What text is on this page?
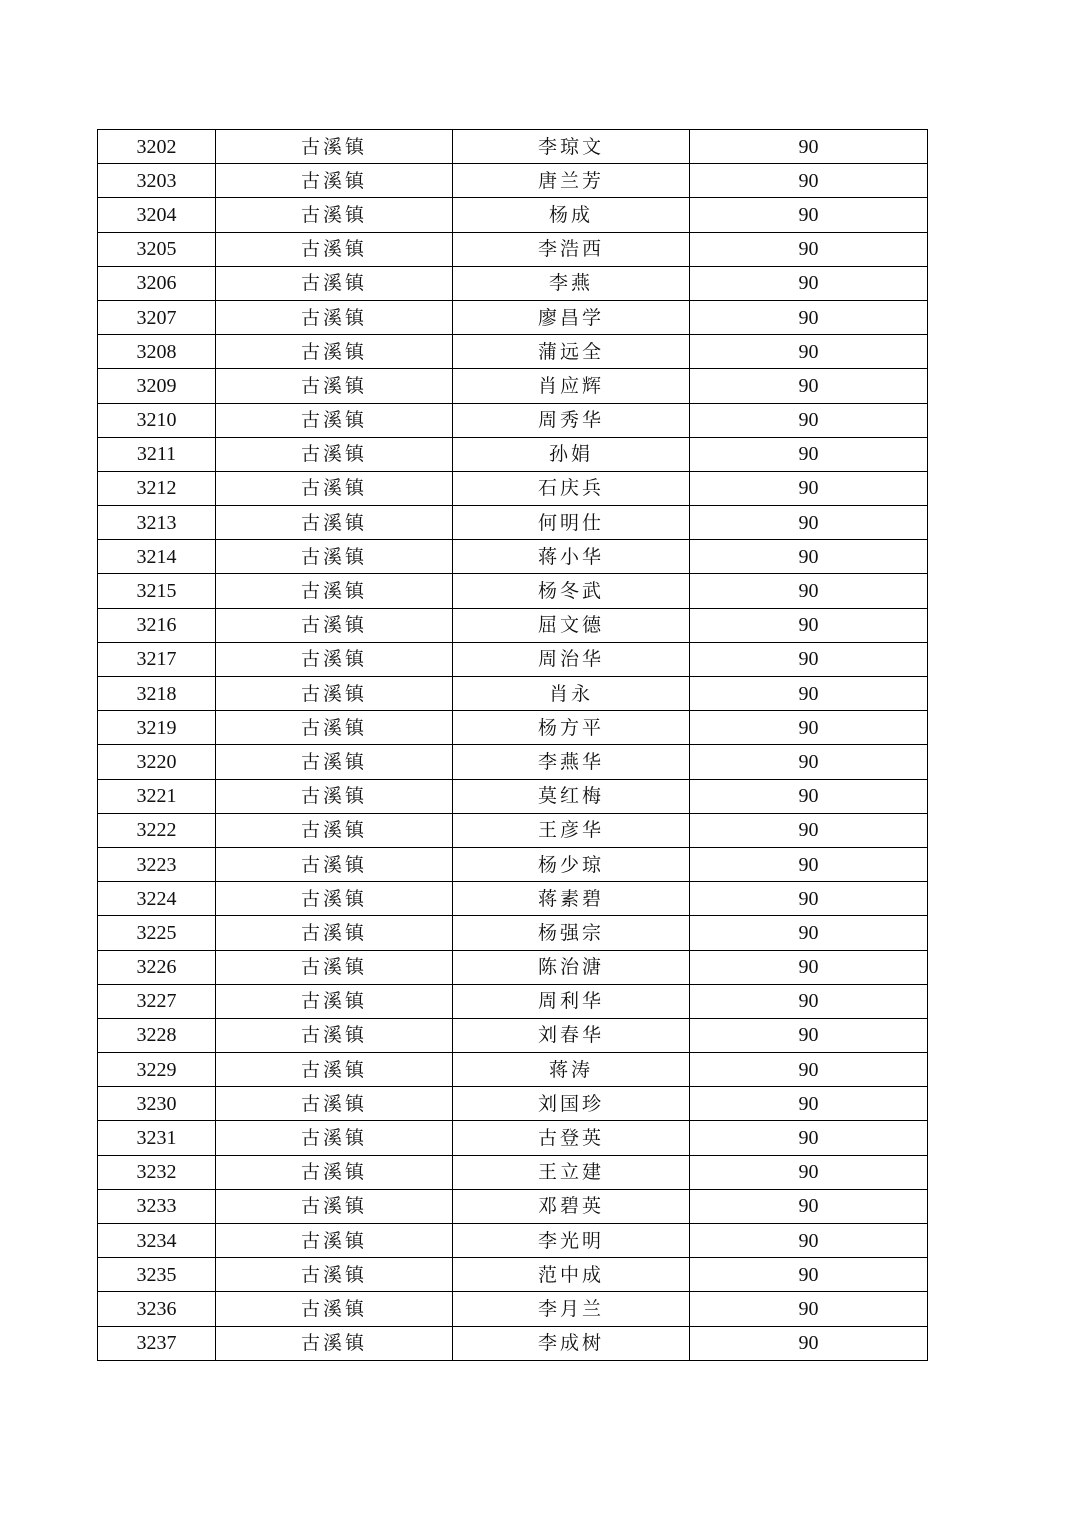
3202	古溪镇	李琼文	90
3203	古溪镇	唐兰芳	90
3204	古溪镇	杨成	90
3205	古溪镇	李浩西	90
3206	古溪镇	李燕	90
3207	古溪镇	廖昌学	90
3208	古溪镇	蒲远全	90
3209	古溪镇	肖应辉	90
3210	古溪镇	周秀华	90
3211	古溪镇	孙娟	90
3212	古溪镇	石庆兵	90
3213	古溪镇	何明仕	90
3214	古溪镇	蒋小华	90
3215	古溪镇	杨冬武	90
3216	古溪镇	屈文德	90
3217	古溪镇	周治华	90
3218	古溪镇	肖永	90
3219	古溪镇	杨方平	90
3220	古溪镇	李燕华	90
3221	古溪镇	莫红梅	90
3222	古溪镇	王彦华	90
3223	古溪镇	杨少琼	90
3224	古溪镇	蒋素碧	90
3225	古溪镇	杨强宗	90
3226	古溪镇	陈治溏	90
3227	古溪镇	周利华	90
3228	古溪镇	刘春华	90
3229	古溪镇	蒋涛	90
3230	古溪镇	刘国珍	90
3231	古溪镇	古登英	90
3232	古溪镇	王立建	90
3233	古溪镇	邓碧英	90
3234	古溪镇	李光明	90
3235	古溪镇	范中成	90
3236	古溪镇	李月兰	90
3237	古溪镇	李成树	90
